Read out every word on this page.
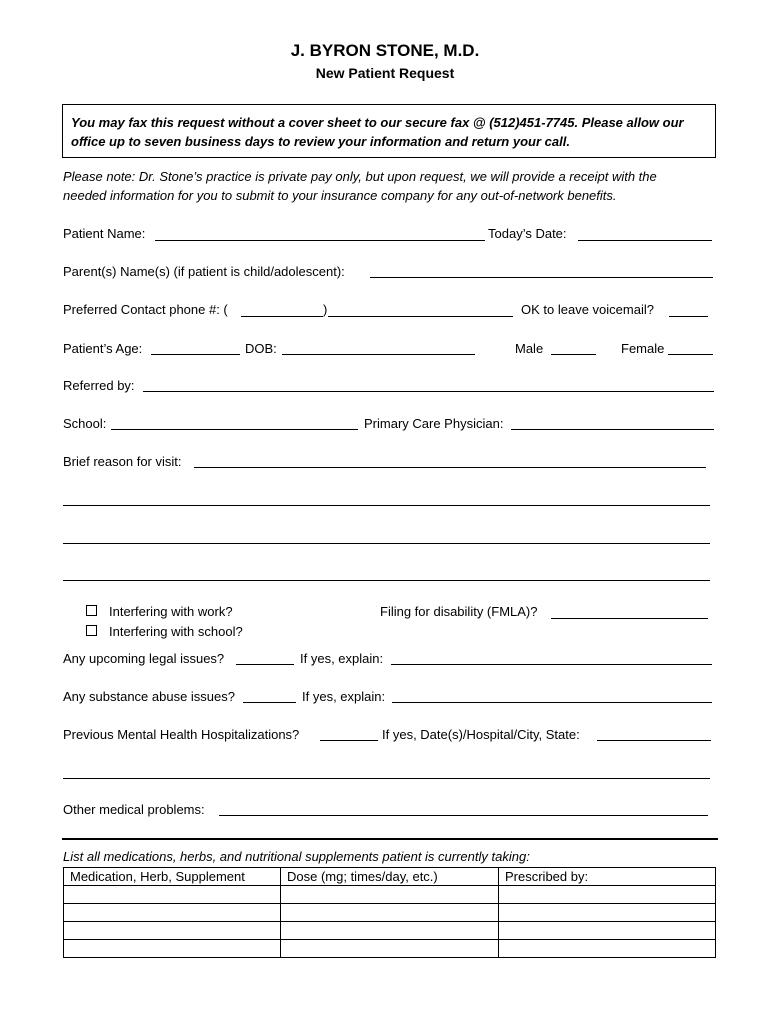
J. BYRON STONE, M.D.
New Patient Request
You may fax this request without a cover sheet to our secure fax @ (512)451-7745. Please allow our
office up to seven business days to review your information and return your call.
Please note: Dr. Stone’s practice is private pay only, but upon request, we will provide a receipt with the
needed information for you to submit to your insurance company for any out-of-network benefits.
Patient Name:	Today’s Date:
Parent(s) Name(s) (if patient is child/adolescent):
Preferred Contact phone #: (	)	OK to leave voicemail?
Patient’s Age:	DOB:	Male	Female
Referred by:
School:	Primary Care Physician:
Brief reason for visit:
Interfering with work?
Interfering with school?
Filing for disability (FMLA)?
Any upcoming legal issues?	If yes, explain:
Any substance abuse issues?	If yes, explain:
Previous Mental Health Hospitalizations?	If yes, Date(s)/Hospital/City, State:
Other medical problems:
List all medications, herbs, and nutritional supplements patient is currently taking:
Medication, Herb, Supplement	Dose (mg; times/day, etc.)	Prescribed by:
